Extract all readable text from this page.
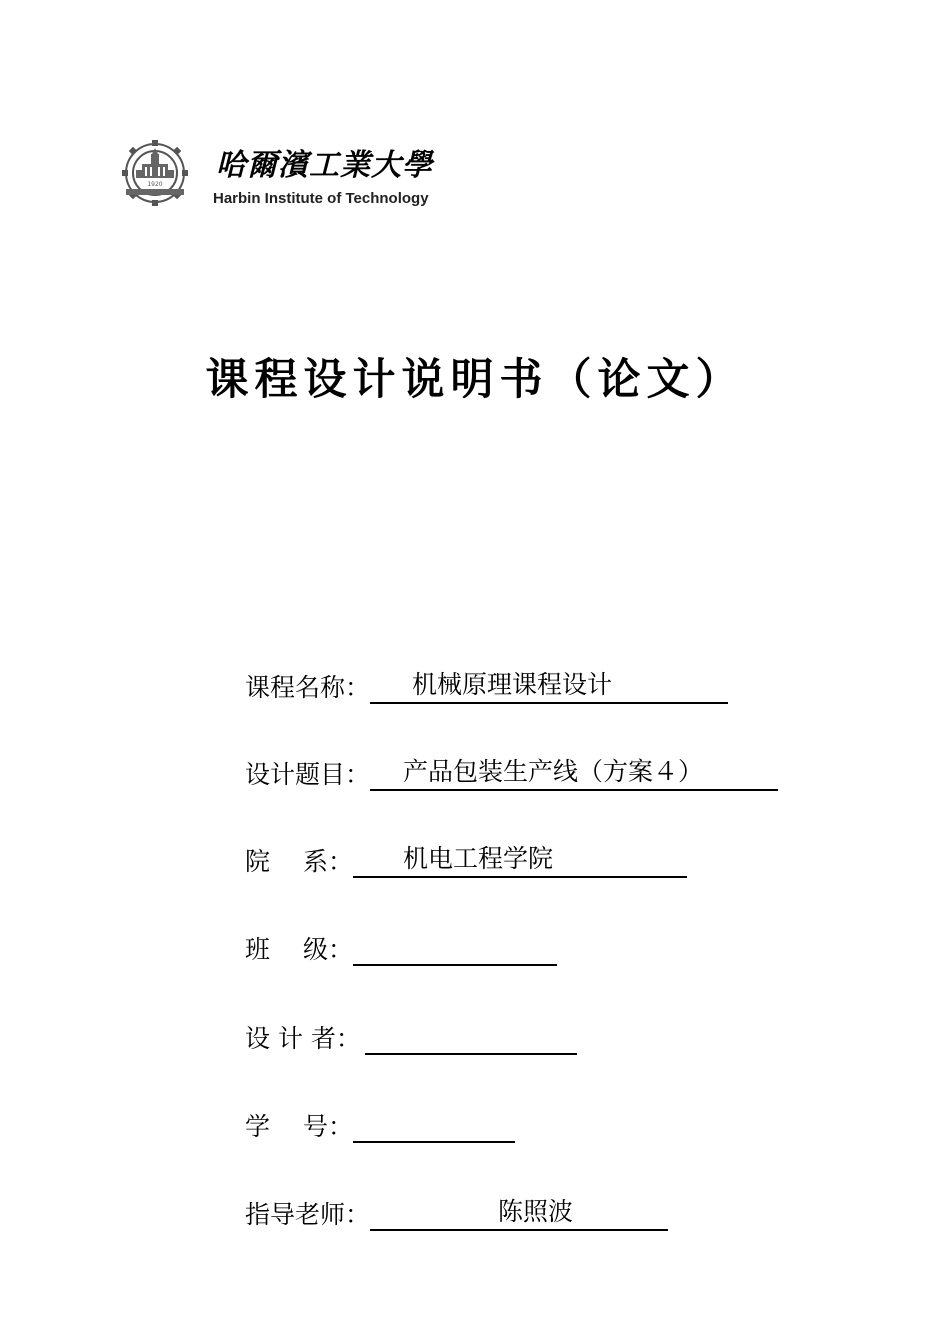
1920
哈爾濱工業大學
Harbin Institute of Technology
课程设计说明书（论文）
课程名称： 机械原理课程设计
设计题目： 产品包装生产线（方案４）
院　 系： 机电工程学院
班　 级：
设 计 者：
学　 号：
指导老师：	陈照波
